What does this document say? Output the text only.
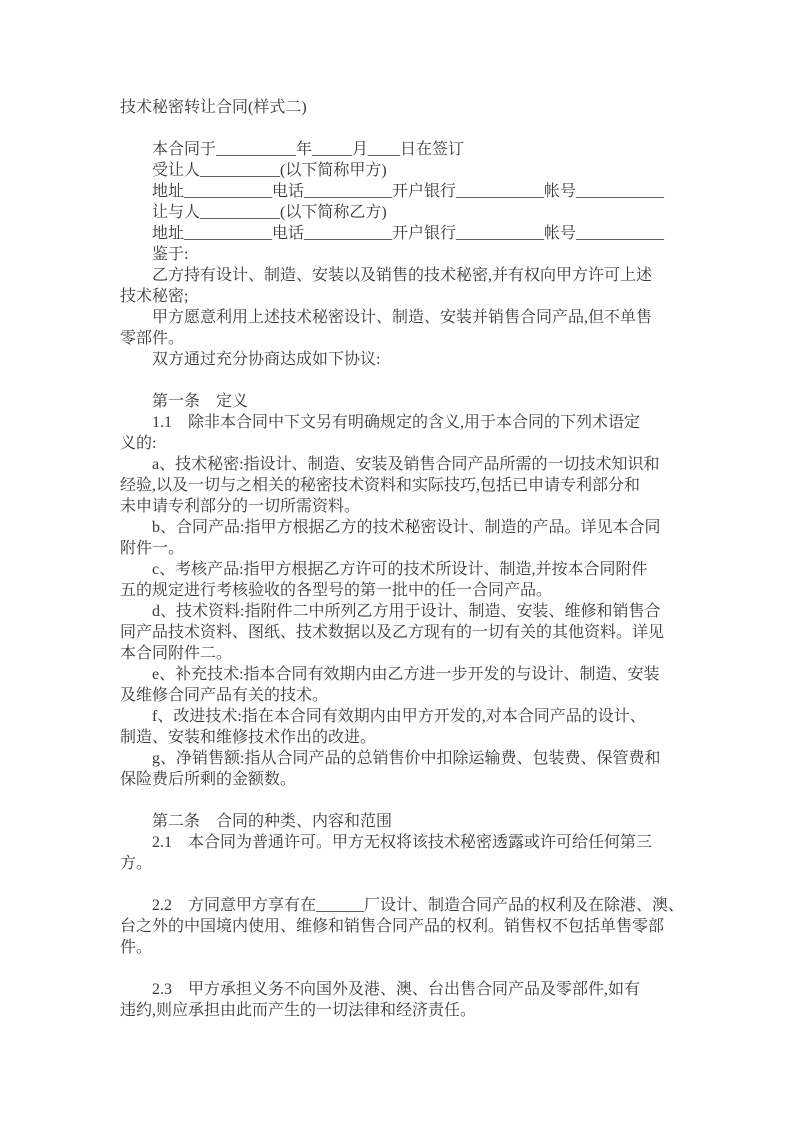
技术秘密转让合同(样式二)
本合同于__________年_____月____日在签订
受让人__________(以下简称甲方)
地址___________电话___________开户银行___________帐号___________
让与人__________(以下简称乙方)
地址___________电话___________开户银行___________帐号___________
鉴于:
乙方持有设计、制造、安装以及销售的技术秘密,并有权向甲方许可上述
技术秘密;
甲方愿意利用上述技术秘密设计、制造、安装并销售合同产品,但不单售
零部件。
双方通过充分协商达成如下协议:
第一条　定义
1.1　除非本合同中下文另有明确规定的含义,用于本合同的下列术语定
义的:
a、技术秘密:指设计、制造、安装及销售合同产品所需的一切技术知识和
经验,以及一切与之相关的秘密技术资料和实际技巧,包括已申请专利部分和
未申请专利部分的一切所需资料。
b、合同产品:指甲方根据乙方的技术秘密设计、制造的产品。详见本合同
附件一。
c、考核产品:指甲方根据乙方许可的技术所设计、制造,并按本合同附件
五的规定进行考核验收的各型号的第一批中的任一合同产品。
d、技术资料:指附件二中所列乙方用于设计、制造、安装、维修和销售合
同产品技术资料、图纸、技术数据以及乙方现有的一切有关的其他资料。详见
本合同附件二。
e、补充技术:指本合同有效期内由乙方进一步开发的与设计、制造、安装
及维修合同产品有关的技术。
f、改进技术:指在本合同有效期内由甲方开发的,对本合同产品的设计、
制造、安装和维修技术作出的改进。
g、净销售额:指从合同产品的总销售价中扣除运输费、包装费、保管费和
保险费后所剩的金额数。
第二条　合同的种类、内容和范围
2.1　本合同为普通许可。甲方无权将该技术秘密透露或许可给任何第三
方。
2.2　方同意甲方享有在______厂设计、制造合同产品的权利及在除港、澳、
台之外的中国境内使用、维修和销售合同产品的权利。销售权不包括单售零部
件。
2.3　甲方承担义务不向国外及港、澳、台出售合同产品及零部件,如有
违约,则应承担由此而产生的一切法律和经济责任。
